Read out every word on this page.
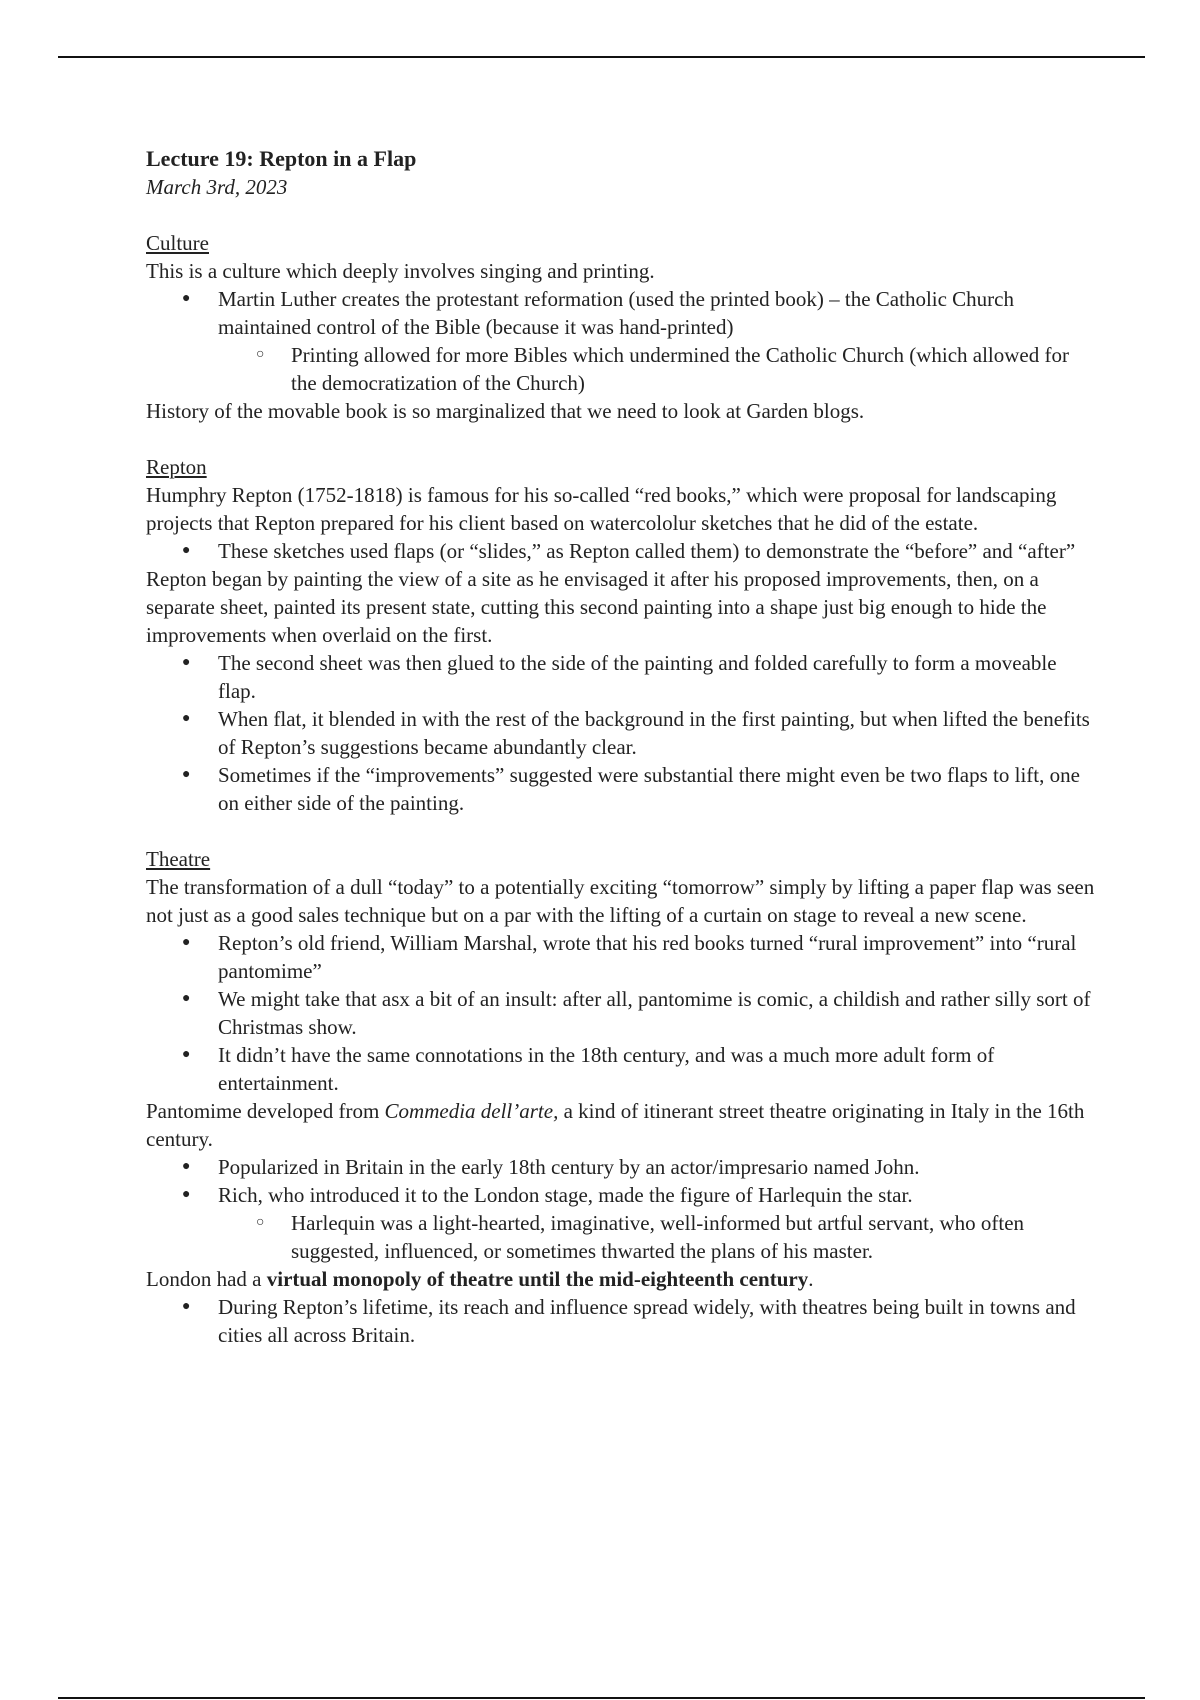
Lecture 19: Repton in a Flap

March 3rd, 2023

Culture

This is a culture which deeply involves singing and printing.

● Martin Luther creates the protestant reformation (used the printed book) – the Catholic Church maintained control of the Bible (because it was hand-printed)
○ Printing allowed for more Bibles which undermined the Catholic Church (which allowed for the democratization of the Church)

History of the movable book is so marginalized that we need to look at Garden blogs.

Repton

Humphry Repton (1752-1818) is famous for his so-called “red books,” which were proposal for landscaping projects that Repton prepared for his client based on watercololur sketches that he did of the estate.

● These sketches used flaps (or “slides,” as Repton called them) to demonstrate the “before” and “after”

Repton began by painting the view of a site as he envisaged it after his proposed improvements, then, on a separate sheet, painted its present state, cutting this second painting into a shape just big enough to hide the improvements when overlaid on the first.

● The second sheet was then glued to the side of the painting and folded carefully to form a moveable flap.
● When flat, it blended in with the rest of the background in the first painting, but when lifted the benefits of Repton’s suggestions became abundantly clear.
● Sometimes if the “improvements” suggested were substantial there might even be two flaps to lift, one on either side of the painting.

Theatre

The transformation of a dull “today” to a potentially exciting “tomorrow” simply by lifting a paper flap was seen not just as a good sales technique but on a par with the lifting of a curtain on stage to reveal a new scene.

● Repton’s old friend, William Marshal, wrote that his red books turned “rural improvement” into “rural pantomime”
● We might take that asx a bit of an insult: after all, pantomime is comic, a childish and rather silly sort of Christmas show.
● It didn’t have the same connotations in the 18th century, and was a much more adult form of entertainment.

Pantomime developed from Commedia dell’arte, a kind of itinerant street theatre originating in Italy in the 16th century.

● Popularized in Britain in the early 18th century by an actor/impresario named John.
● Rich, who introduced it to the London stage, made the figure of Harlequin the star.
○ Harlequin was a light-hearted, imaginative, well-informed but artful servant, who often suggested, influenced, or sometimes thwarted the plans of his master.

London had a virtual monopoly of theatre until the mid-eighteenth century.

● During Repton’s lifetime, its reach and influence spread widely, with theatres being built in towns and cities all across Britain.
